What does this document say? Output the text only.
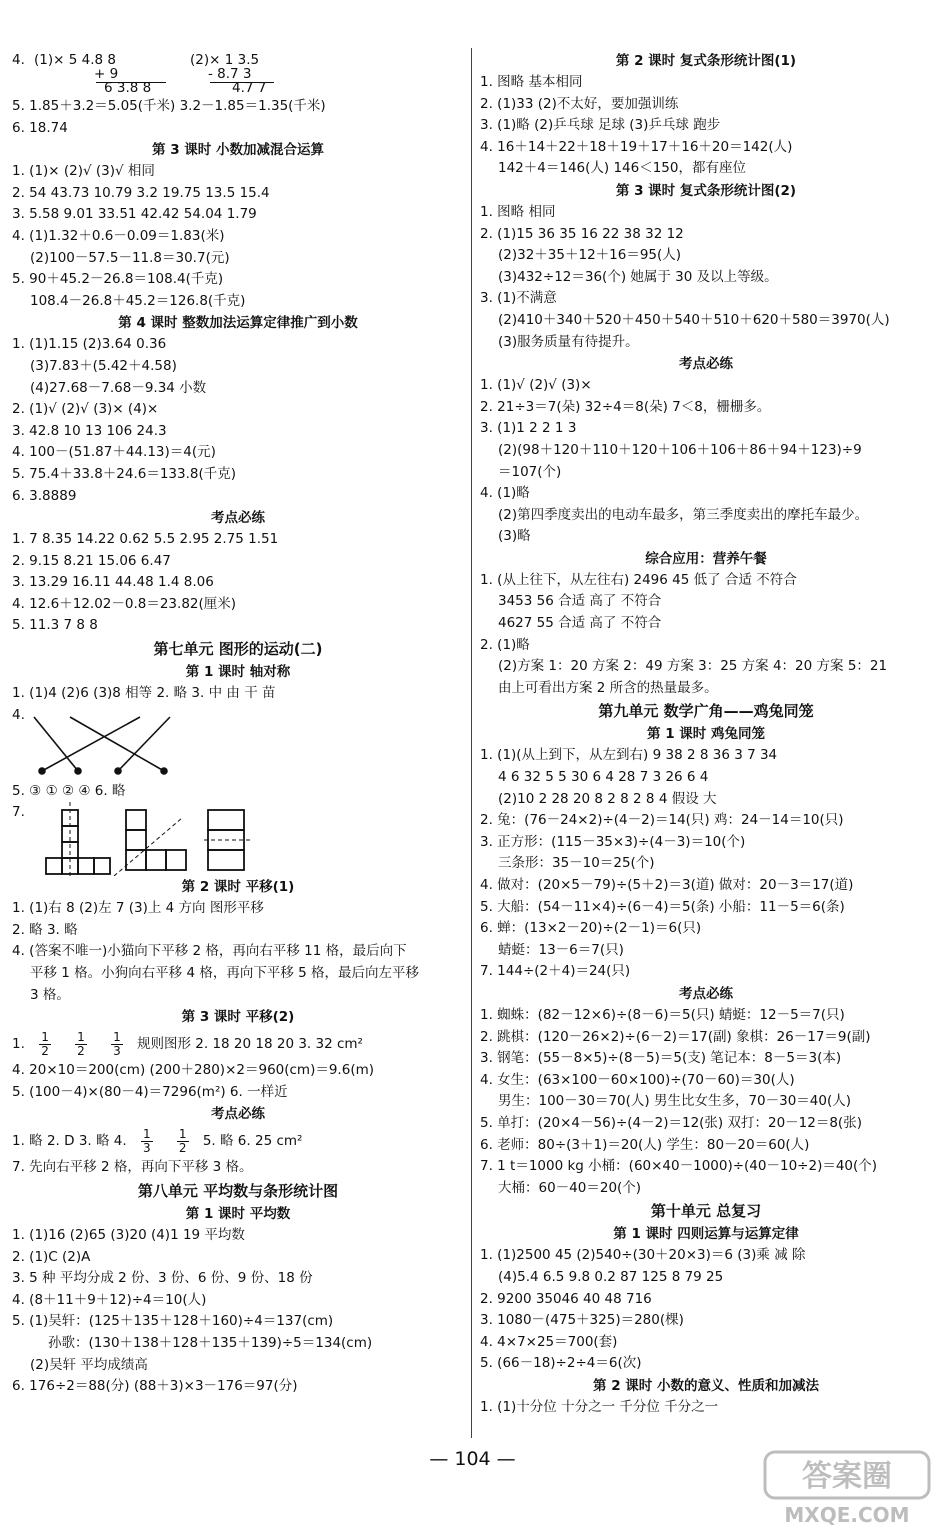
4. (1)× 5 4.8 8
+ 9
6 3.8 8
(2)× 1 3.5
- 8.7 3
4.7 7
5. 1.85＋3.2＝5.05(千米) 3.2－1.85＝1.35(千米)
6. 18.74
第 3 课时 小数加减混合运算
1. (1)× (2)√ (3)√ 相同
2. 54 43.73 10.79 3.2 19.75 13.5 15.4
3. 5.58 9.01 33.51 42.42 54.04 1.79
4. (1)1.32＋0.6－0.09＝1.83(米)
(2)100－57.5－11.8＝30.7(元)
5. 90＋45.2－26.8＝108.4(千克)
108.4－26.8＋45.2＝126.8(千克)
第 4 课时 整数加法运算定律推广到小数
1. (1)1.15 (2)3.64 0.36
(3)7.83＋(5.42＋4.58)
(4)27.68－7.68－9.34 小数
2. (1)√ (2)√ (3)× (4)×
3. 42.8 10 13 106 24.3
4. 100－(51.87＋44.13)＝4(元)
5. 75.4＋33.8＋24.6＝133.8(千克)
6. 3.8889
考点必练
1. 7 8.35 14.22 0.62 5.5 2.95 2.75 1.51
2. 9.15 8.21 15.06 6.47
3. 13.29 16.11 44.48 1.4 8.06
4. 12.6＋12.02－0.8＝23.82(厘米)
5. 11.3 7 8 8
第七单元 图形的运动(二)
第 1 课时 轴对称
1. (1)4 (2)6 (3)8 相等 2. 略 3. 中 由 干 苗
4.
5. ③ ① ② ④ 6. 略
7.
第 2 课时 平移(1)
1. (1)右 8 (2)左 7 (3)上 4 方向 图形平移
2. 略 3. 略
4. (答案不唯一)小猫向下平移 2 格，再向右平移 11 格，最后向下
平移 1 格。小狗向右平移 4 格，再向下平移 5 格，最后向左平移
3 格。
第 3 课时 平移(2)
1. $\frac{1}{2}$
$\frac{1}{2}$
$\frac{1}{3}$ 规则图形 2. 18 20 18 20 3. 32 cm²
4. 20×10＝200(cm) (200＋280)×2＝960(cm)＝9.6(m)
5. (100－4)×(80－4)＝7296(m²) 6. 一样近
考点必练
1. 略 2. D 3. 略 4. $\frac{1}{3}$
$\frac{1}{2} 5$. 略 6. 25 cm²
7. 先向右平移 2 格，再向下平移 3 格。
第八单元 平均数与条形统计图
第 1 课时 平均数
1. (1)16 (2)65 (3)20 (4)1 19 平均数
2. (1)C (2)A
3. 5 种 平均分成 2 份、3 份、6 份、9 份、18 份
4. (8＋11＋9＋12)÷4＝10(人)
5. (1)吴轩：(125＋135＋128＋160)÷4＝137(cm)
孙歌：(130＋138＋128＋135＋139)÷5＝134(cm)
(2)吴轩 平均成绩高
6. 176÷2＝88(分) (88＋3)×3－176＝97(分)
第 2 课时 复式条形统计图(1)
1. 图略 基本相同
2. (1)33 (2)不太好，要加强训练
3. (1)略 (2)乒乓球 足球 (3)乒乓球 跑步
4. 16＋14＋22＋18＋19＋17＋16＋20＝142(人)
142＋4＝146(人) 146＜150，都有座位
第 3 课时 复式条形统计图(2)
1. 图略 相同
2. (1)15 36 35 16 22 38 32 12
(2)32＋35＋12＋16＝95(人)
(3)432÷12＝36(个) 她属于 30 及以上等级。
3. (1)不满意
(2)410＋340＋520＋450＋540＋510＋620＋580＝3970(人)
(3)服务质量有待提升。
考点必练
1. (1)√ (2)√ (3)×
2. 21÷3＝7(朵) 32÷4＝8(朵) 7＜8，栅栅多。
3. (1)1 2 2 1 3
(2)(98＋120＋110＋120＋106＋106＋86＋94＋123)÷9
＝107(个)
4. (1)略
(2)第四季度卖出的电动车最多，第三季度卖出的摩托车最少。
(3)略
综合应用：营养午餐
1. (从上往下，从左往右) 2496 45 低了 合适 不符合
3453 56 合适 高了 不符合
4627 55 合适 高了 不符合
2. (1)略
(2)方案 1：20 方案 2：49 方案 3：25 方案 4：20 方案 5：21
由上可看出方案 2 所含的热量最多。
第九单元 数学广角——鸡兔同笼
第 1 课时 鸡兔同笼
1. (1)(从上到下，从左到右) 9 38 2 8 36 3 7 34
4 6 32 5 5 30 6 4 28 7 3 26 6 4
(2)10 2 28 20 8 2 8 2 8 4 假设 大
2. 兔：(76－24×2)÷(4－2)＝14(只) 鸡：24－14＝10(只)
3. 正方形：(115－35×3)÷(4－3)＝10(个)
三条形：35－10＝25(个)
4. 做对：(20×5－79)÷(5＋2)＝3(道) 做对：20－3＝17(道)
5. 大船：(54－11×4)÷(6－4)＝5(条) 小船：11－5＝6(条)
6. 蝉：(13×2－20)÷(2－1)＝6(只)
蜻蜓：13－6＝7(只)
7. 144÷(2＋4)＝24(只)
考点必练
1. 蜘蛛：(82－12×6)÷(8－6)＝5(只) 蜻蜓：12－5＝7(只)
2. 跳棋：(120－26×2)÷(6－2)＝17(副) 象棋：26－17＝9(副)
3. 钢笔：(55－8×5)÷(8－5)＝5(支) 笔记本：8－5＝3(本)
4. 女生：(63×100－60×100)÷(70－60)＝30(人)
男生：100－30＝70(人) 男生比女生多，70－30＝40(人)
5. 单打：(20×4－56)÷(4－2)＝12(张) 双打：20－12＝8(张)
6. 老师：80÷(3＋1)＝20(人) 学生：80－20＝60(人)
7. 1 t＝1000 kg 小桶：(60×40－1000)÷(40－10÷2)＝40(个)
大桶：60－40＝20(个)
第十单元 总复习
第 1 课时 四则运算与运算定律
1. (1)2500 45 (2)540÷(30＋20×3)＝6 (3)乘 减 除
(4)5.4 6.5 9.8 0.2 87 125 8 79 25
2. 9200 35046 40 48 716
3. 1080－(475＋325)＝280(棵)
4. 4×7×25＝700(套)
5. (66－18)÷2÷4＝6(次)
第 2 课时 小数的意义、性质和加减法
1. (1)十分位 十分之一 千分位 千分之一
— 104 —	答案圈
MXQE.COM
